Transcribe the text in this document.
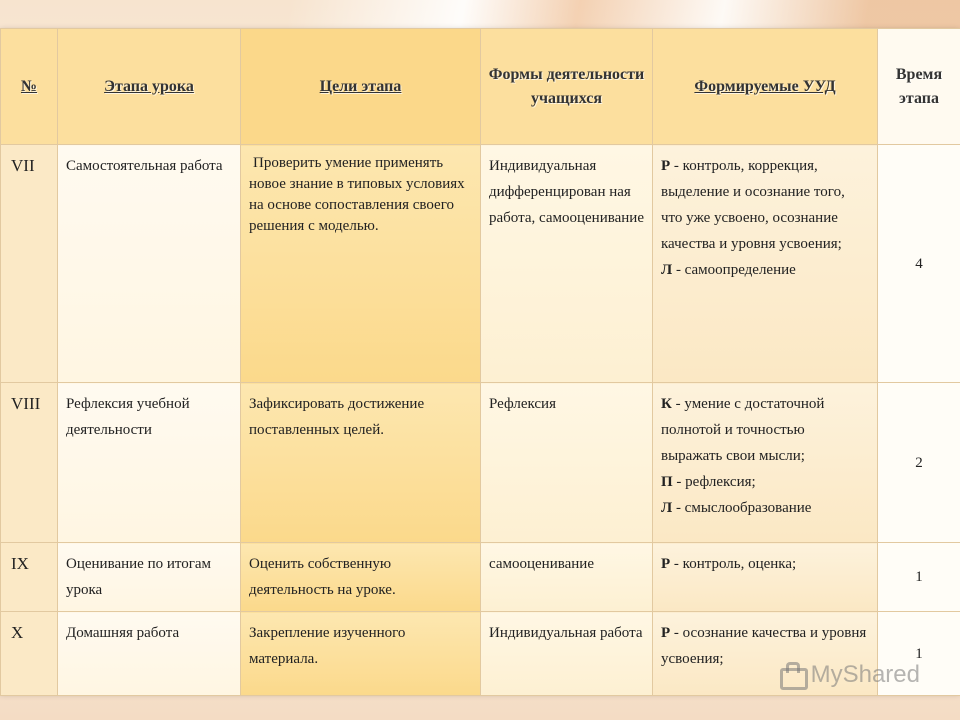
№	Этапа урока	Цели этапа	Формы деятельности учащихся	Формируемые УУД	Время этапа
VII	Самостоятельная работа	Проверить умение применять новое знание в типовых условиях на основе сопоставления своего решения с моделью.	Индивидуальная дифференцирован ная работа, самооценивание	Р - контроль, коррекция, выделение и осознание того, что уже усвоено, осознание качества и уровня усвоения;
Л - самоопределение	4
VIII	Рефлексия учебной деятельности	Зафиксировать достижение поставленных целей.	Рефлексия	К - умение с достаточной полнотой и точностью выражать свои мысли;
П - рефлексия;
Л - смыслообразование	2
IX	Оценивание по итогам урока	Оценить собственную деятельность на уроке.	самооценивание	Р - контроль, оценка;	1
X	Домашняя работа	Закрепление изученного материала.	Индивидуальная работа	Р - осознание качества и уровня усвоения;	1
MyShared
